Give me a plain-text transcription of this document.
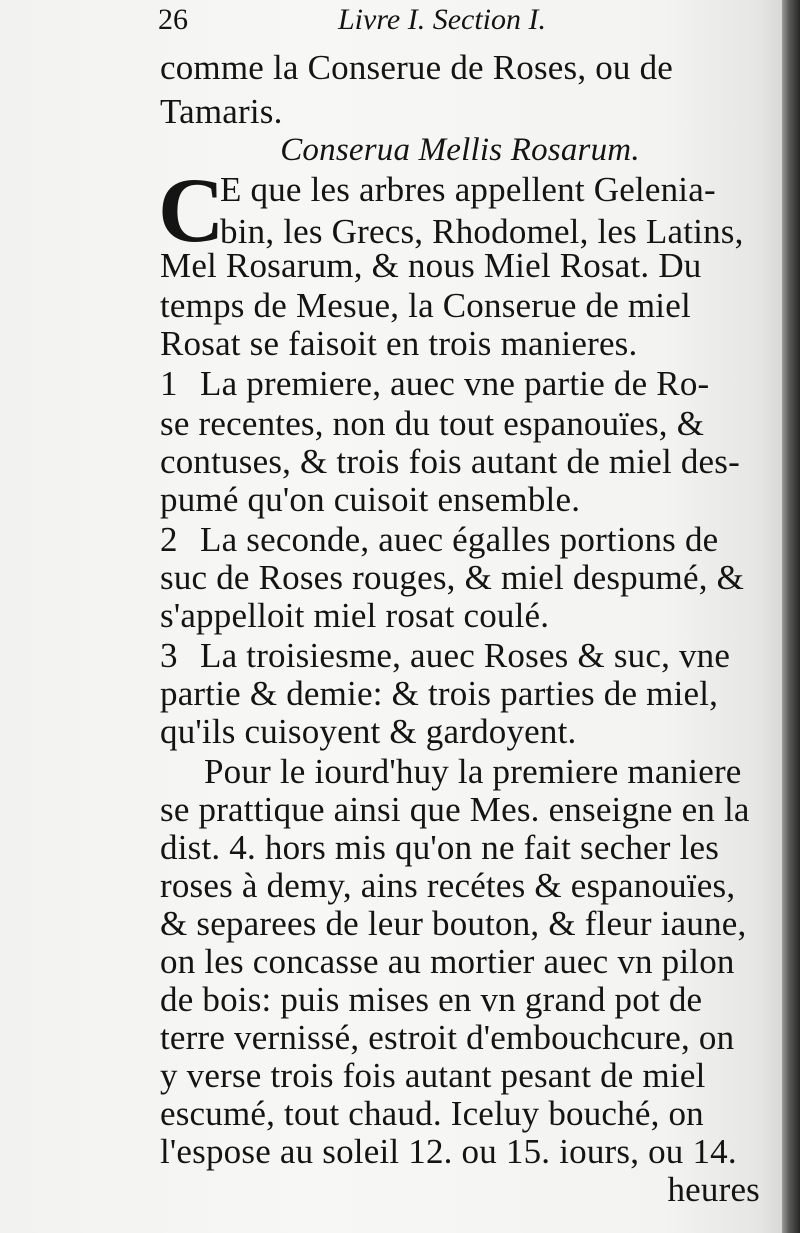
26	Livre I. Section I.
comme la Conserue de Roses, ou de
Tamaris.
Conserua Mellis Rosarum.
C
E que les arbres appellent Gelenia-
bin, les Grecs, Rhodomel, les Latins,
Mel Rosarum, & nous Miel Rosat. Du
temps de Mesue, la Conserue de miel
Rosat se faisoit en trois manieres.
1 La premiere, auec vne partie de Ro-
se recentes, non du tout espanouïes, &
contuses, & trois fois autant de miel des-
pumé qu'on cuisoit ensemble.
2 La seconde, auec égalles portions de
suc de Roses rouges, & miel despumé, &
s'appelloit miel rosat coulé.
3 La troisiesme, auec Roses & suc, vne
partie & demie: & trois parties de miel,
qu'ils cuisoyent & gardoyent.
Pour le iourd'huy la premiere maniere
se prattique ainsi que Mes. enseigne en la
dist. 4. hors mis qu'on ne fait secher les
roses à demy, ains recétes & espanouïes,
& separees de leur bouton, & fleur iaune,
on les concasse au mortier auec vn pilon
de bois: puis mises en vn grand pot de
terre vernissé, estroit d'embouchcure, on
y verse trois fois autant pesant de miel
escumé, tout chaud. Iceluy bouché, on
l'espose au soleil 12. ou 15. iours, ou 14.
heures
